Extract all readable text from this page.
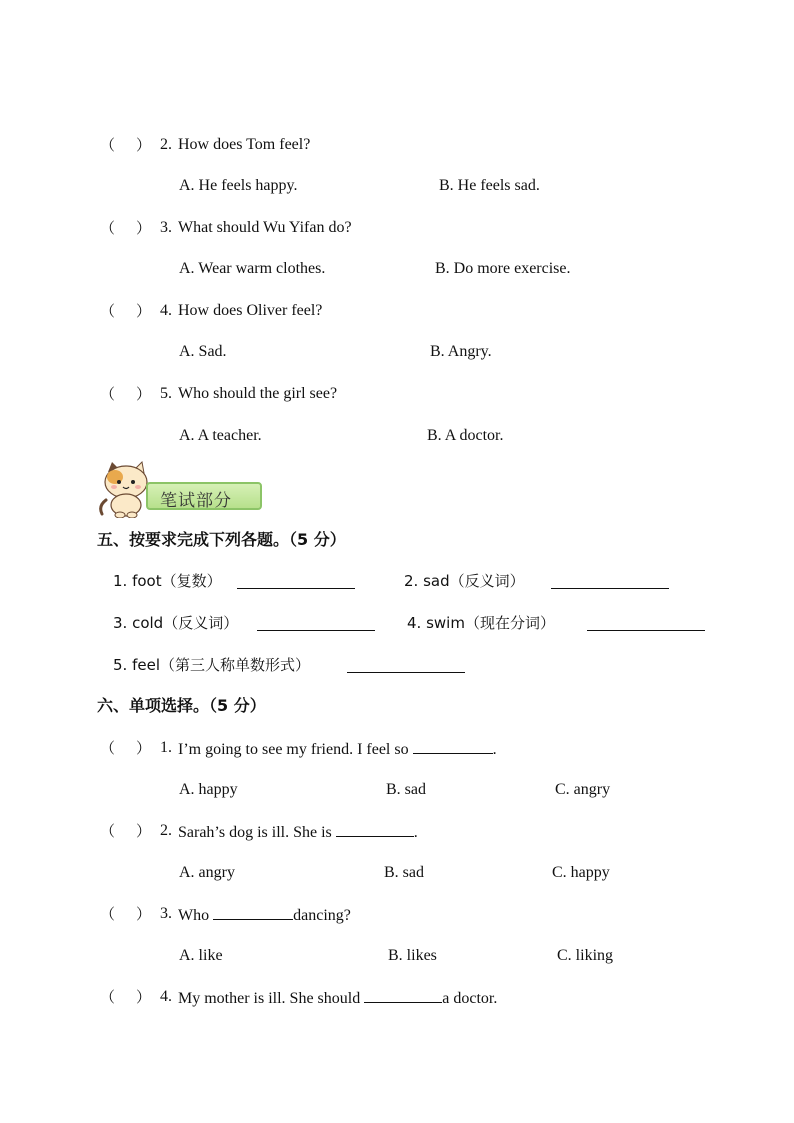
（ ） 2. How does Tom feel?
A. He feels happy.	B. He feels sad.
（ ） 3. What should Wu Yifan do?
A. Wear warm clothes.	B. Do more exercise.
（ ） 4. How does Oliver feel?
A. Sad.	B. Angry.
（ ） 5. Who should the girl see?
A. A teacher.	B. A doctor.
笔试部分
五、按要求完成下列各题。（5 分）
1. foot（复数）	2. sad（反义词）
3. cold（反义词）	4. swim（现在分词）
5. feel（第三人称单数形式）
六、单项选择。（5 分）
（ ） 1. I’m going to see my friend. I feel so	.
A. happy	B. sad	C. angry
（ ） 2. Sarah’s dog is ill. She is	.
A. angry	B. sad	C. happy
（ ） 3. Who	dancing?
A. like	B. likes	C. liking
（ ） 4. My mother is ill. She should	a doctor.
